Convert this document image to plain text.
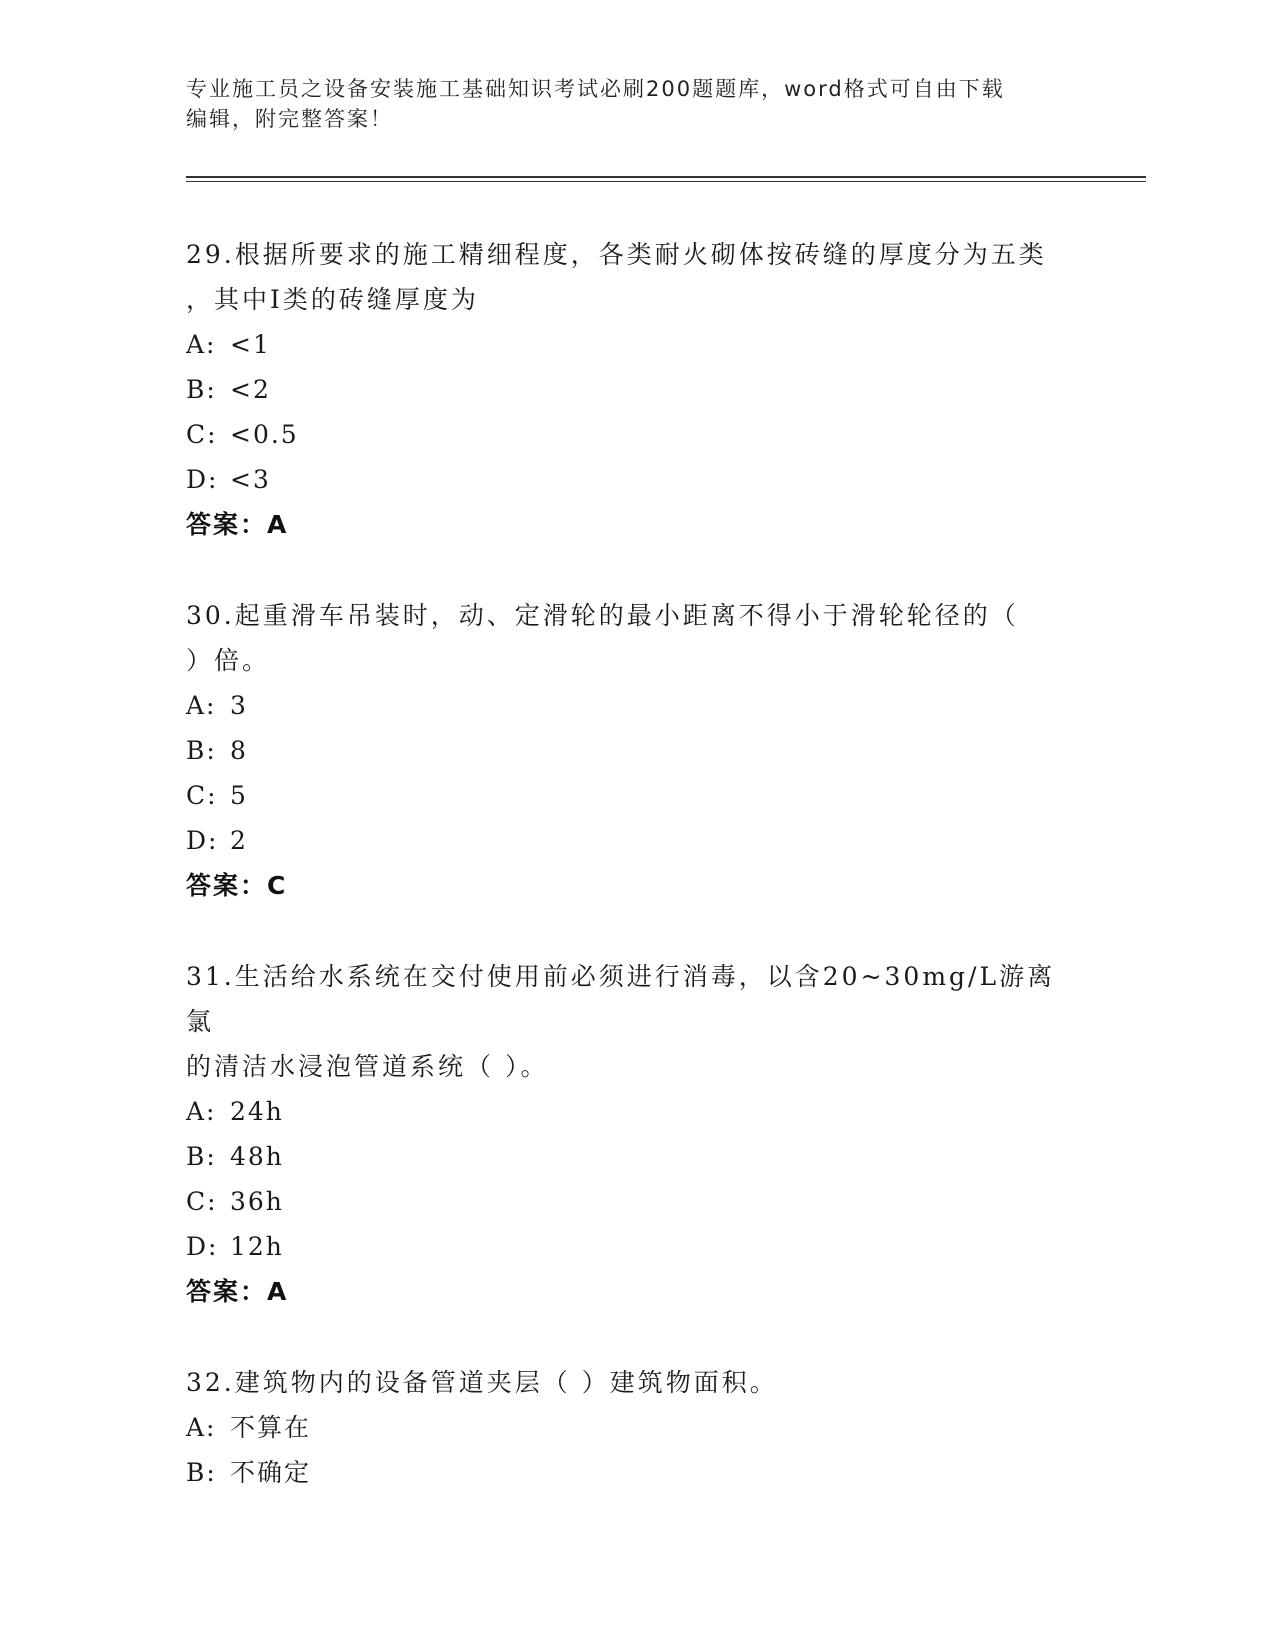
专业施工员之设备安装施工基础知识考试必刷200题题库，word格式可自由下载
编辑，附完整答案！

29.根据所要求的施工精细程度，各类耐火砌体按砖缝的厚度分为五类

，其中Ⅰ类的砖缝厚度为

A: <1
B: <2
C: <0.5
D: <3
答案：A

30.起重滑车吊装时，动、定滑轮的最小距离不得小于滑轮轮径的（

）倍。

A: 3
B: 8
C: 5
D: 2
答案：C

31.生活给水系统在交付使用前必须进行消毒，以含20~30mg/L游离氯

的清洁水浸泡管道系统（ ）。

A: 24h
B: 48h
C: 36h
D: 12h
答案：A

32.建筑物内的设备管道夹层（ ）建筑物面积。

A: 不算在
B: 不确定
